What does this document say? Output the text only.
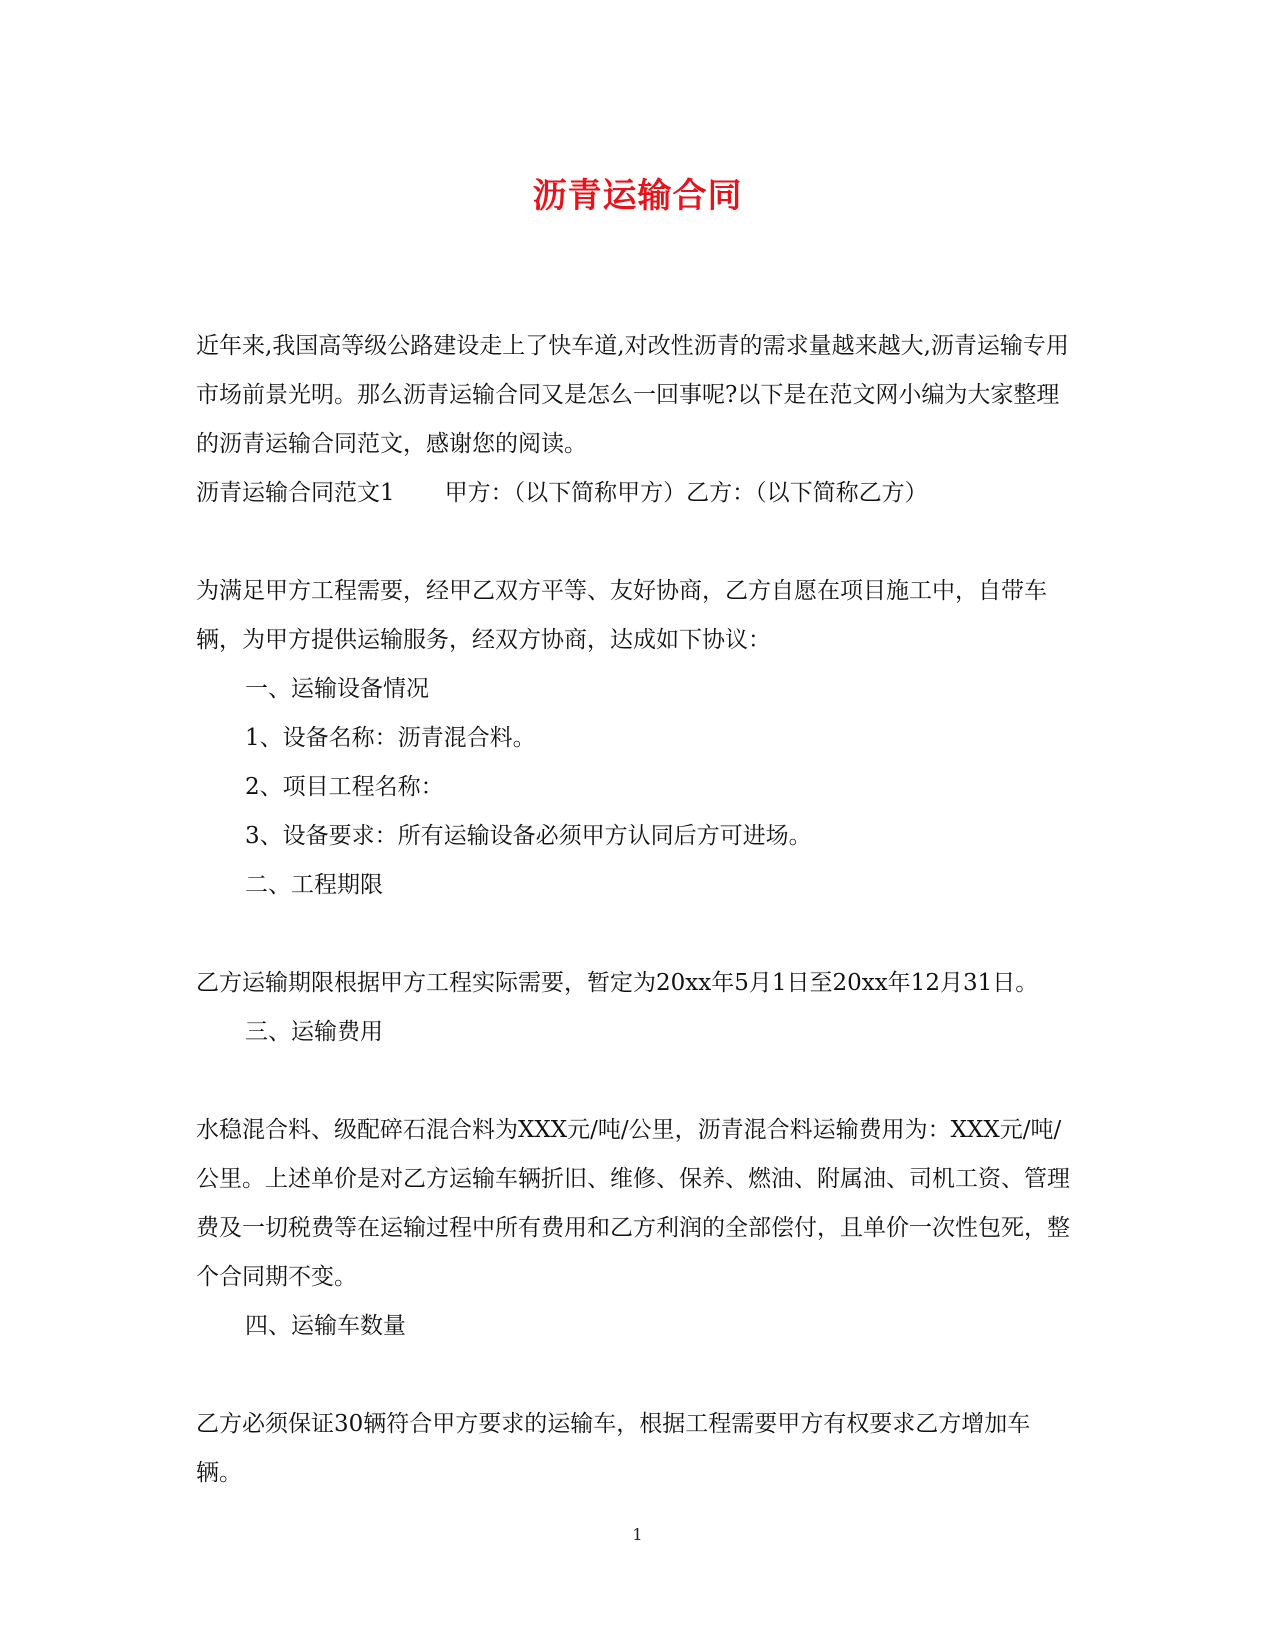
沥青运输合同

近年来,我国高等级公路建设走上了快车道,对改性沥青的需求量越来越大,沥青运输专用市场前景光明。那么沥青运输合同又是怎么一回事呢?以下是在范文网小编为大家整理的沥青运输合同范文，感谢您的阅读。

沥青运输合同范文1 甲方：（以下简称甲方）乙方：（以下简称乙方）

为满足甲方工程需要，经甲乙双方平等、友好协商，乙方自愿在项目施工中，自带车辆，为甲方提供运输服务，经双方协商，达成如下协议：

一、运输设备情况

1、设备名称：沥青混合料。

2、项目工程名称：

3、设备要求：所有运输设备必须甲方认同后方可进场。

二、工程期限

乙方运输期限根据甲方工程实际需要，暂定为20xx年5月1日至20xx年12月31日。

三、运输费用

水稳混合料、级配碎石混合料为XXX元/吨/公里，沥青混合料运输费用为：XXX元/吨/公里。上述单价是对乙方运输车辆折旧、维修、保养、燃油、附属油、司机工资、管理费及一切税费等在运输过程中所有费用和乙方利润的全部偿付，且单价一次性包死，整个合同期不变。

四、运输车数量

乙方必须保证30辆符合甲方要求的运输车，根据工程需要甲方有权要求乙方增加车辆。

1
